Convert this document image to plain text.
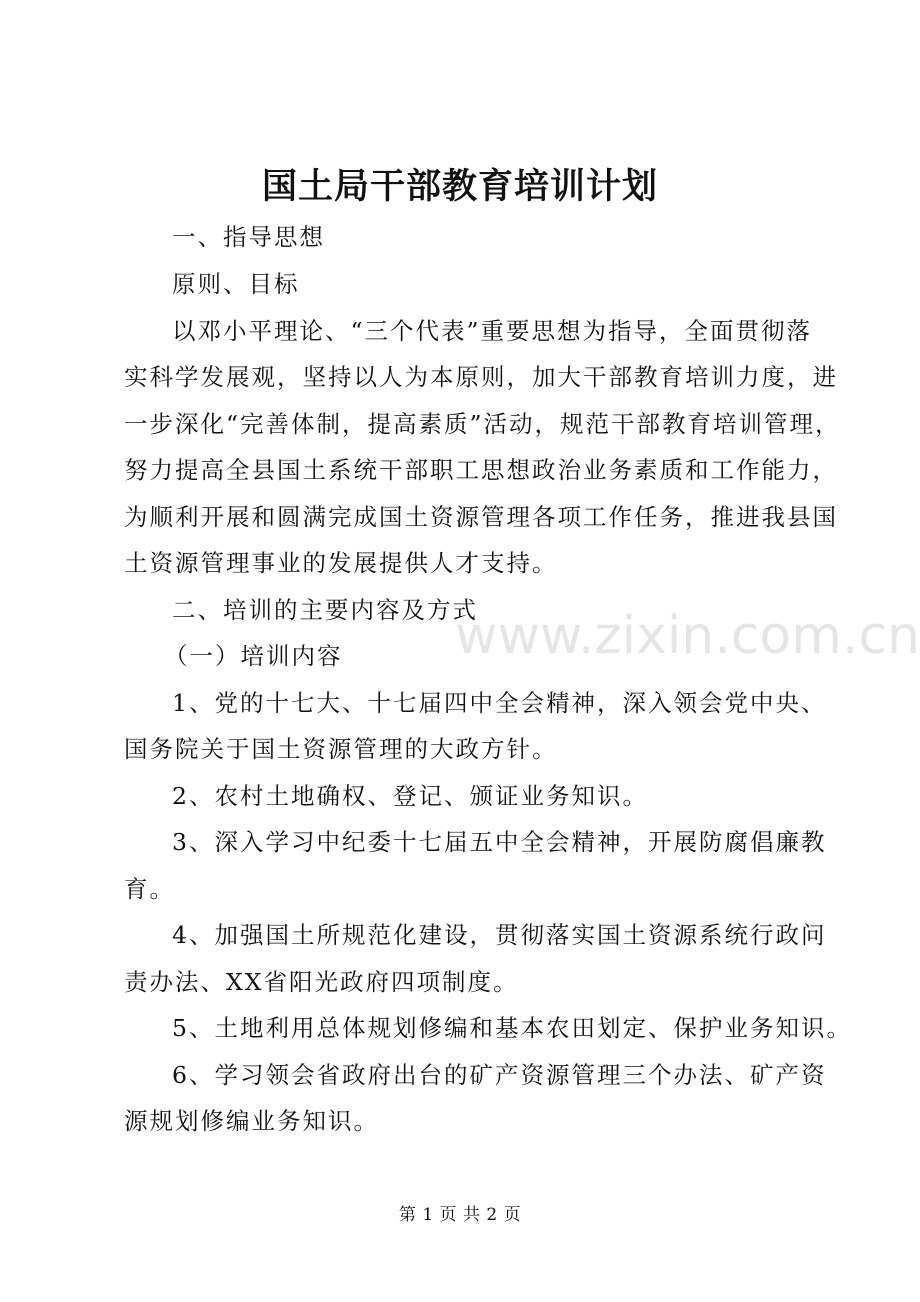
国土局干部教育培训计划
一、指导思想
原则、目标
以邓小平理论、“三个代表”重要思想为指导，全面贯彻落
实科学发展观，坚持以人为本原则，加大干部教育培训力度，进
一步深化“完善体制，提高素质”活动，规范干部教育培训管理，
努力提高全县国土系统干部职工思想政治业务素质和工作能力，
为顺利开展和圆满完成国土资源管理各项工作任务，推进我县国
土资源管理事业的发展提供人才支持。
二、培训的主要内容及方式
（一）培训内容
1、党的十七大、十七届四中全会精神，深入领会党中央、
国务院关于国土资源管理的大政方针。
2、农村土地确权、登记、颁证业务知识。
3、深入学习中纪委十七届五中全会精神，开展防腐倡廉教
育。
4、加强国土所规范化建设，贯彻落实国土资源系统行政问
责办法、XX省阳光政府四项制度。
5、土地利用总体规划修编和基本农田划定、保护业务知识。
6、学习领会省政府出台的矿产资源管理三个办法、矿产资
源规划修编业务知识。
www.zixin.com.cn
第 1 页 共 2 页
